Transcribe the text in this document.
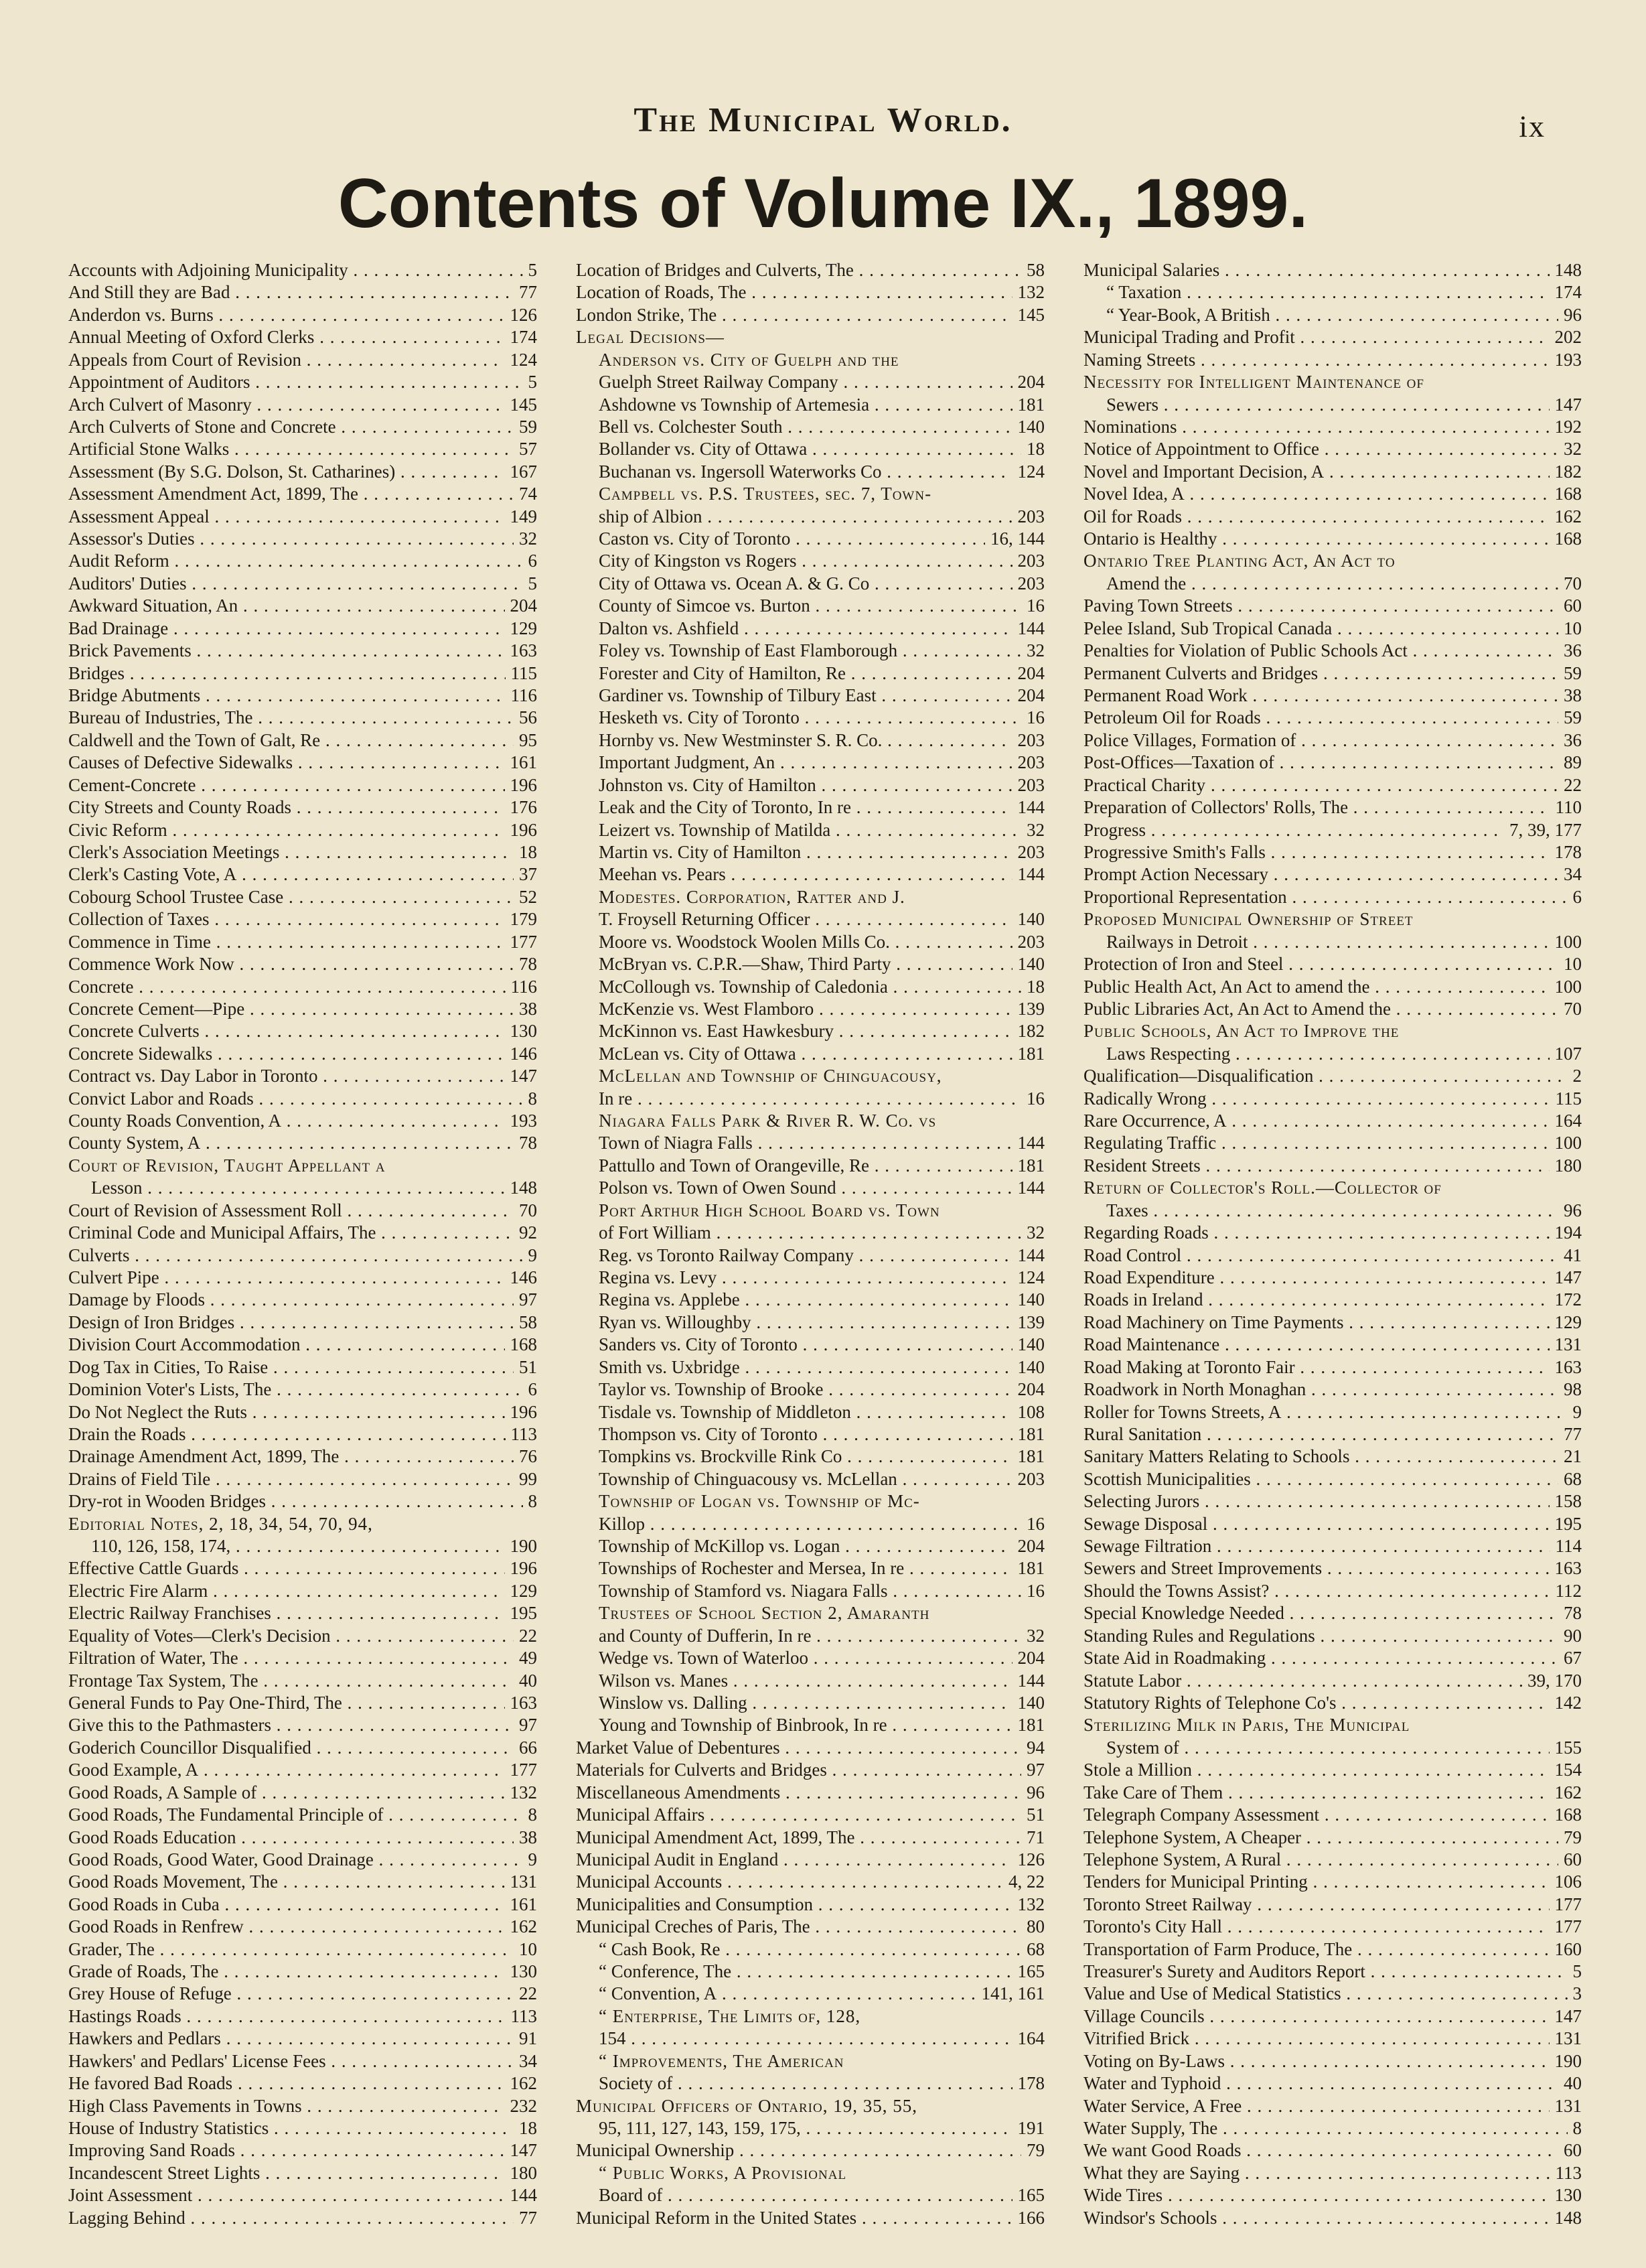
The Municipal World.	ix
Contents of Volume IX., 1899.
Accounts with Adjoining Municipality . . .	5
And Still they are Bad . . .	77
Anderdon vs. Burns . . .	126
Annual Meeting of Oxford Clerks . . .	174
Appeals from Court of Revision . . .	124
Appointment of Auditors . . .	5
Arch Culvert of Masonry . . .	145
Arch Culverts of Stone and Concrete . . .	59
Artificial Stone Walks . . .	57
Assessment (By S.G. Dolson, St. Catharines) . . .	167
Assessment Amendment Act, 1899, The . . .	74
Assessment Appeal . . .	149
Assessor's Duties . . .	32
Audit Reform . . .	6
Auditors' Duties . . .	5
Awkward Situation, An . . .	204
Bad Drainage . . .	129
Brick Pavements . . .	163
Bridges . . .	115
Bridge Abutments . . .	116
Bureau of Industries, The . . .	56
Caldwell and the Town of Galt, Re . . .	95
Causes of Defective Sidewalks . . .	161
Cement-Concrete . . .	196
City Streets and County Roads . . .	176
Civic Reform . . .	196
Clerk's Association Meetings . . .	18
Clerk's Casting Vote, A . . .	37
Cobourg School Trustee Case . . .	52
Collection of Taxes . . .	179
Commence in Time . . .	177
Commence Work Now . . .	78
Concrete . . .	116
Concrete Cement—Pipe . . .	38
Concrete Culverts . . .	130
Concrete Sidewalks . . .	146
Contract vs. Day Labor in Toronto . . .	147
Convict Labor and Roads . . .	8
County Roads Convention, A . . .	193
County System, A . . .	78
Court of Revision, Taught Appellant a
Lesson . . .	148
Court of Revision of Assessment Roll . . .	70
Criminal Code and Municipal Affairs, The . . .	92
Culverts . . .	9
Culvert Pipe . . .	146
Damage by Floods . . .	97
Design of Iron Bridges . . .	58
Division Court Accommodation . . .	168
Dog Tax in Cities, To Raise . . .	51
Dominion Voter's Lists, The . . .	6
Do Not Neglect the Ruts . . .	196
Drain the Roads . . .	113
Drainage Amendment Act, 1899, The . . .	76
Drains of Field Tile . . .	99
Dry-rot in Wooden Bridges . . .	8
Editorial Notes, 2, 18, 34, 54, 70, 94,
110, 126, 158, 174, . . .	190
Effective Cattle Guards . . .	196
Electric Fire Alarm . . .	129
Electric Railway Franchises . . .	195
Equality of Votes—Clerk's Decision . . .	22
Filtration of Water, The . . .	49
Frontage Tax System, The . . .	40
General Funds to Pay One-Third, The . . .	163
Give this to the Pathmasters . . .	97
Goderich Councillor Disqualified . . .	66
Good Example, A . . .	177
Good Roads, A Sample of . . .	132
Good Roads, The Fundamental Principle of . . .	8
Good Roads Education . . .	38
Good Roads, Good Water, Good Drainage . . .	9
Good Roads Movement, The . . .	131
Good Roads in Cuba . . .	161
Good Roads in Renfrew . . .	162
Grader, The . . .	10
Grade of Roads, The . . .	130
Grey House of Refuge . . .	22
Hastings Roads . . .	113
Hawkers and Pedlars . . .	91
Hawkers' and Pedlars' License Fees . . .	34
He favored Bad Roads . . .	162
High Class Pavements in Towns . . .	232
House of Industry Statistics . . .	18
Improving Sand Roads . . .	147
Incandescent Street Lights . . .	180
Joint Assessment . . .	144
Lagging Behind . . .	77
Location of Bridges and Culverts, The . . .	58
Location of Roads, The . . .	132
London Strike, The . . .	145
Legal Decisions—
Anderson vs. City of Guelph and the
Guelph Street Railway Company . . .	204
Ashdowne vs Township of Artemesia . . .	181
Bell vs. Colchester South . . .	140
Bollander vs. City of Ottawa . . .	18
Buchanan vs. Ingersoll Waterworks Co . . .	124
Campbell vs. P.S. Trustees, sec. 7, Town-
ship of Albion . . .	203
Caston vs. City of Toronto . . .	16, 144
City of Kingston vs Rogers . . .	203
City of Ottawa vs. Ocean A. & G. Co . . .	203
County of Simcoe vs. Burton . . .	16
Dalton vs. Ashfield . . .	144
Foley vs. Township of East Flamborough . . .	32
Forester and City of Hamilton, Re . . .	204
Gardiner vs. Township of Tilbury East . . .	204
Hesketh vs. City of Toronto . . .	16
Hornby vs. New Westminster S. R. Co. . . .	203
Important Judgment, An . . .	203
Johnston vs. City of Hamilton . . .	203
Leak and the City of Toronto, In re . . .	144
Leizert vs. Township of Matilda . . .	32
Martin vs. City of Hamilton . . .	203
Meehan vs. Pears . . .	144
Modestes. Corporation, Ratter and J.
T. Froysell Returning Officer . . .	140
Moore vs. Woodstock Woolen Mills Co. . . .	203
McBryan vs. C.P.R.—Shaw, Third Party . . .	140
McCollough vs. Township of Caledonia . . .	18
McKenzie vs. West Flamboro . . .	139
McKinnon vs. East Hawkesbury . . .	182
McLean vs. City of Ottawa . . .	181
McLellan and Township of Chinguacousy,
In re . . .	16
Niagara Falls Park & River R. W. Co. vs
Town of Niagra Falls . . .	144
Pattullo and Town of Orangeville, Re . . .	181
Polson vs. Town of Owen Sound . . .	144
Port Arthur High School Board vs. Town
of Fort William . . .	32
Reg. vs Toronto Railway Company . . .	144
Regina vs. Levy . . .	124
Regina vs. Applebe . . .	140
Ryan vs. Willoughby . . .	139
Sanders vs. City of Toronto . . .	140
Smith vs. Uxbridge . . .	140
Taylor vs. Township of Brooke . . .	204
Tisdale vs. Township of Middleton . . .	108
Thompson vs. City of Toronto . . .	181
Tompkins vs. Brockville Rink Co . . .	181
Township of Chinguacousy vs. McLellan . . .	203
Township of Logan vs. Township of Mc-
Killop . . .	16
Township of McKillop vs. Logan . . .	204
Townships of Rochester and Mersea, In re . . .	181
Township of Stamford vs. Niagara Falls . . .	16
Trustees of School Section 2, Amaranth
and County of Dufferin, In re . . .	32
Wedge vs. Town of Waterloo . . .	204
Wilson vs. Manes . . .	144
Winslow vs. Dalling . . .	140
Young and Township of Binbrook, In re . . .	181
Market Value of Debentures . . .	94
Materials for Culverts and Bridges . . .	97
Miscellaneous Amendments . . .	96
Municipal Affairs . . .	51
Municipal Amendment Act, 1899, The . . .	71
Municipal Audit in England . . .	126
Municipal Accounts . . .	4, 22
Municipalities and Consumption . . .	132
Municipal Creches of Paris, The . . .	80
“ Cash Book, Re . . .	68
“ Conference, The . . .	165
“ Convention, A . . .	141, 161
“ Enterprise, The Limits of, 128,
154 . . .	164
“ Improvements, The American
Society of . . .	178
Municipal Officers of Ontario, 19, 35, 55,
95, 111, 127, 143, 159, 175, . . .	191
Municipal Ownership . . .	79
“ Public Works, A Provisional
Board of . . .	165
Municipal Reform in the United States . . .	166
Municipal Salaries . . .	148
“ Taxation . . .	174
“ Year-Book, A British . . .	96
Municipal Trading and Profit . . .	202
Naming Streets . . .	193
Necessity for Intelligent Maintenance of
Sewers . . .	147
Nominations . . .	192
Notice of Appointment to Office . . .	32
Novel and Important Decision, A . . .	182
Novel Idea, A . . .	168
Oil for Roads . . .	162
Ontario is Healthy . . .	168
Ontario Tree Planting Act, An Act to
Amend the . . .	70
Paving Town Streets . . .	60
Pelee Island, Sub Tropical Canada . . .	10
Penalties for Violation of Public Schools Act . . .	36
Permanent Culverts and Bridges . . .	59
Permanent Road Work . . .	38
Petroleum Oil for Roads . . .	59
Police Villages, Formation of . . .	36
Post-Offices—Taxation of . . .	89
Practical Charity . . .	22
Preparation of Collectors' Rolls, The . . .	110
Progress . . .	7, 39, 177
Progressive Smith's Falls . . .	178
Prompt Action Necessary . . .	34
Proportional Representation . . .	6
Proposed Municipal Ownership of Street
Railways in Detroit . . .	100
Protection of Iron and Steel . . .	10
Public Health Act, An Act to amend the . . .	100
Public Libraries Act, An Act to Amend the . . .	70
Public Schools, An Act to Improve the
Laws Respecting . . .	107
Qualification—Disqualification . . .	2
Radically Wrong . . .	115
Rare Occurrence, A . . .	164
Regulating Traffic . . .	100
Resident Streets . . .	180
Return of Collector's Roll.—Collector of
Taxes . . .	96
Regarding Roads . . .	194
Road Control . . .	41
Road Expenditure . . .	147
Roads in Ireland . . .	172
Road Machinery on Time Payments . . .	129
Road Maintenance . . .	131
Road Making at Toronto Fair . . .	163
Roadwork in North Monaghan . . .	98
Roller for Towns Streets, A . . .	9
Rural Sanitation . . .	77
Sanitary Matters Relating to Schools . . .	21
Scottish Municipalities . . .	68
Selecting Jurors . . .	158
Sewage Disposal . . .	195
Sewage Filtration . . .	114
Sewers and Street Improvements . . .	163
Should the Towns Assist? . . .	112
Special Knowledge Needed . . .	78
Standing Rules and Regulations . . .	90
State Aid in Roadmaking . . .	67
Statute Labor . . .	39, 170
Statutory Rights of Telephone Co's . . .	142
Sterilizing Milk in Paris, The Municipal
System of . . .	155
Stole a Million . . .	154
Take Care of Them . . .	162
Telegraph Company Assessment . . .	168
Telephone System, A Cheaper . . .	79
Telephone System, A Rural . . .	60
Tenders for Municipal Printing . . .	106
Toronto Street Railway . . .	177
Toronto's City Hall . . .	177
Transportation of Farm Produce, The . . .	160
Treasurer's Surety and Auditors Report . . .	5
Value and Use of Medical Statistics . . .	3
Village Councils . . .	147
Vitrified Brick . . .	131
Voting on By-Laws . . .	190
Water and Typhoid . . .	40
Water Service, A Free . . .	131
Water Supply, The . . .	8
We want Good Roads . . .	60
What they are Saying . . .	113
Wide Tires . . .	130
Windsor's Schools . . .	148
